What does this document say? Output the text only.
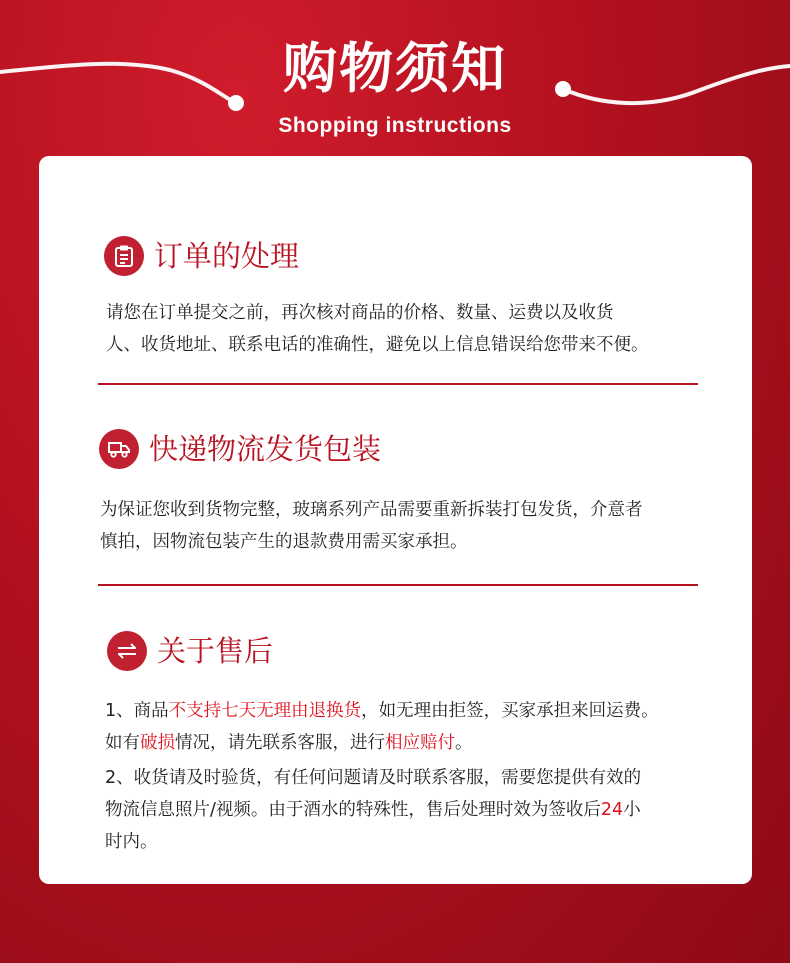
购物须知
Shopping instructions
订单的处理
请您在订单提交之前，再次核对商品的价格、数量、运费以及收货
人、收货地址、联系电话的准确性，避免以上信息错误给您带来不便。
快递物流发货包装
为保证您收到货物完整，玻璃系列产品需要重新拆装打包发货，介意者
慎拍，因物流包装产生的退款费用需买家承担。
关于售后
1、商品不支持七天无理由退换货，如无理由拒签，买家承担来回运费。
如有破损情况，请先联系客服，进行相应赔付。
2、收货请及时验货，有任何问题请及时联系客服，需要您提供有效的
物流信息照片/视频。由于酒水的特殊性，售后处理时效为签收后24小
时内。
